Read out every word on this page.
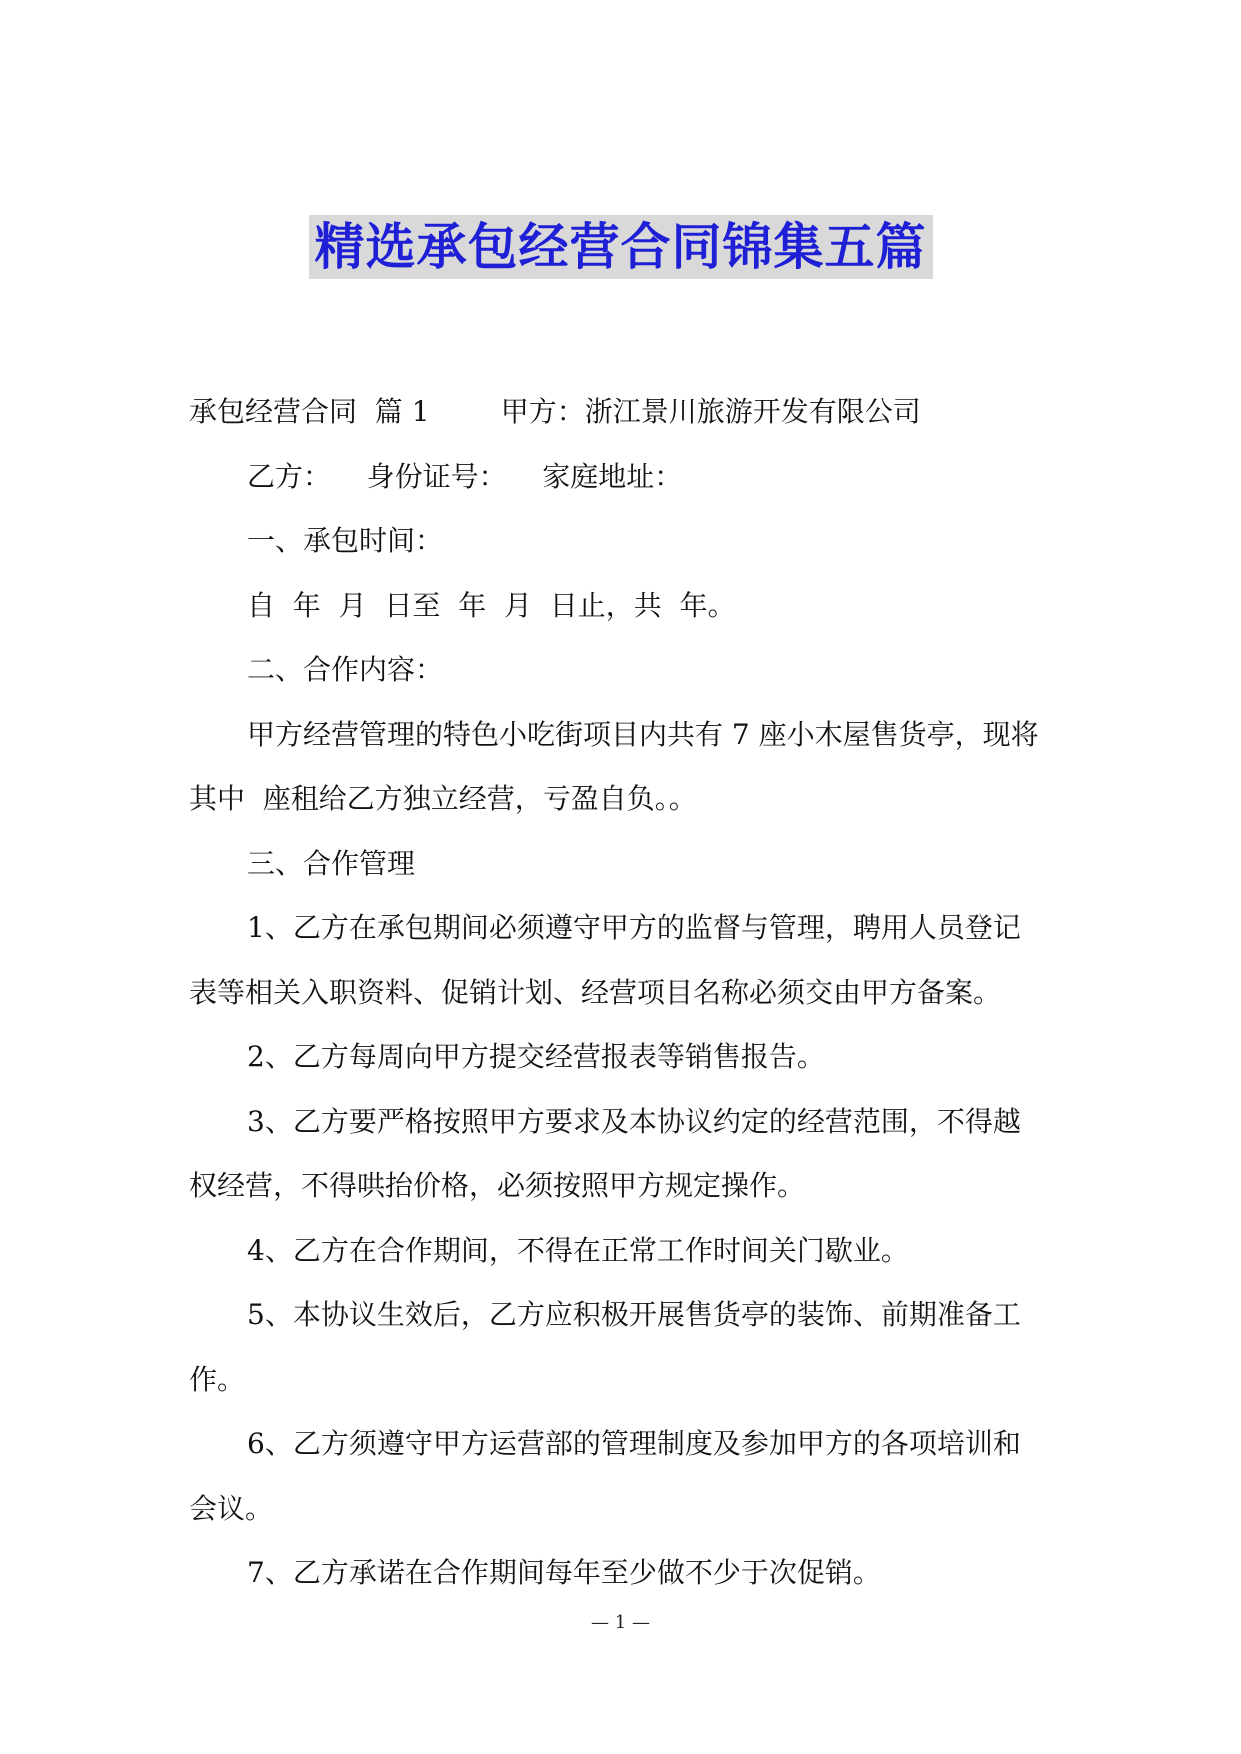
精选承包经营合同锦集五篇
承包经营合同  篇 1        甲方：浙江景川旅游开发有限公司
乙方：    身份证号：    家庭地址：
一、承包时间：
自  年  月  日至  年  月  日止，共  年。
二、合作内容：
甲方经营管理的特色小吃街项目内共有 7 座小木屋售货亭，现将
其中  座租给乙方独立经营，亏盈自负。。
三、合作管理
1、乙方在承包期间必须遵守甲方的监督与管理，聘用人员登记
表等相关入职资料、促销计划、经营项目名称必须交由甲方备案。
2、乙方每周向甲方提交经营报表等销售报告。
3、乙方要严格按照甲方要求及本协议约定的经营范围，不得越
权经营，不得哄抬价格，必须按照甲方规定操作。
4、乙方在合作期间，不得在正常工作时间关门歇业。
5、本协议生效后，乙方应积极开展售货亭的装饰、前期准备工
作。
6、乙方须遵守甲方运营部的管理制度及参加甲方的各项培训和
会议。
7、乙方承诺在合作期间每年至少做不少于次促销。
— 1 —
